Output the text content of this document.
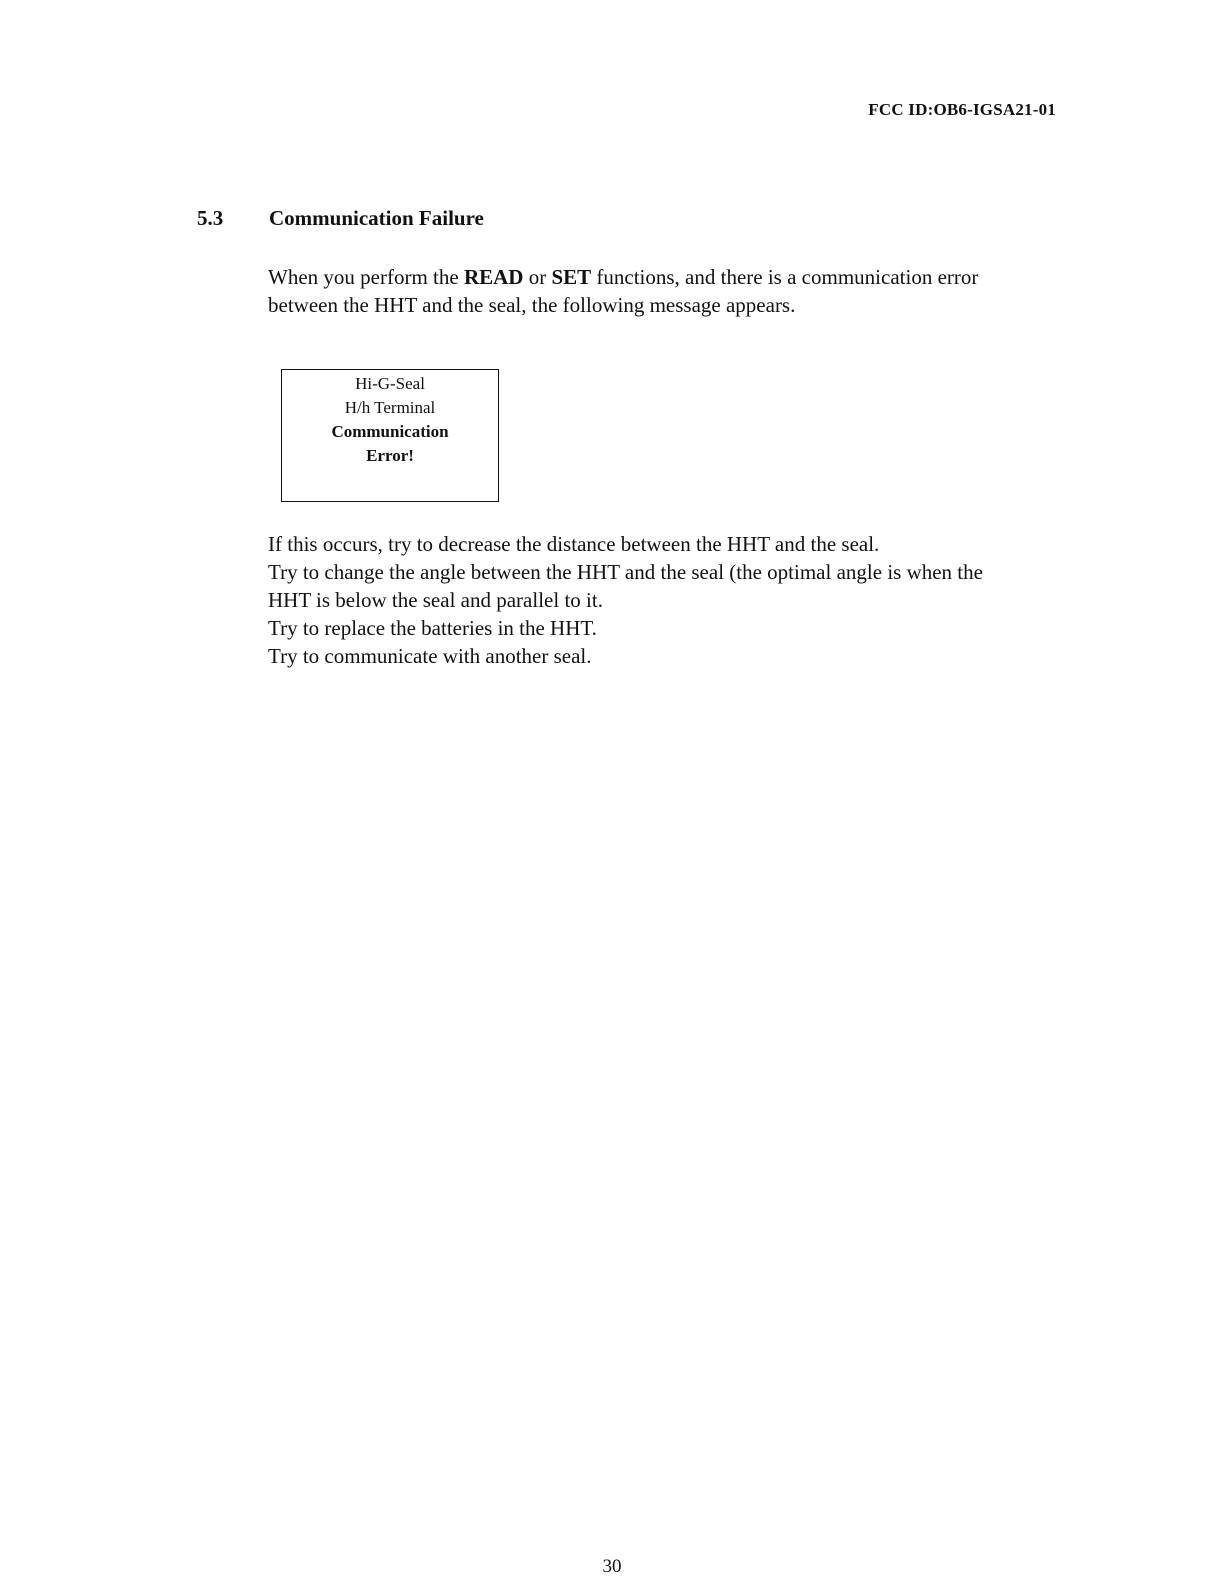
FCC ID:OB6-IGSA21-01
5.3	Communication Failure
When you perform the READ or SET functions, and there is a communication error between the HHT and the seal, the following message appears.
Hi-G-Seal
H/h Terminal
Communication
Error!
If this occurs, try to decrease the distance between the HHT and the seal.
Try to change the angle between the HHT and the seal (the optimal angle is when the HHT is below the seal and parallel to it.
Try to replace the batteries in the HHT.
Try to communicate with another seal.
30
